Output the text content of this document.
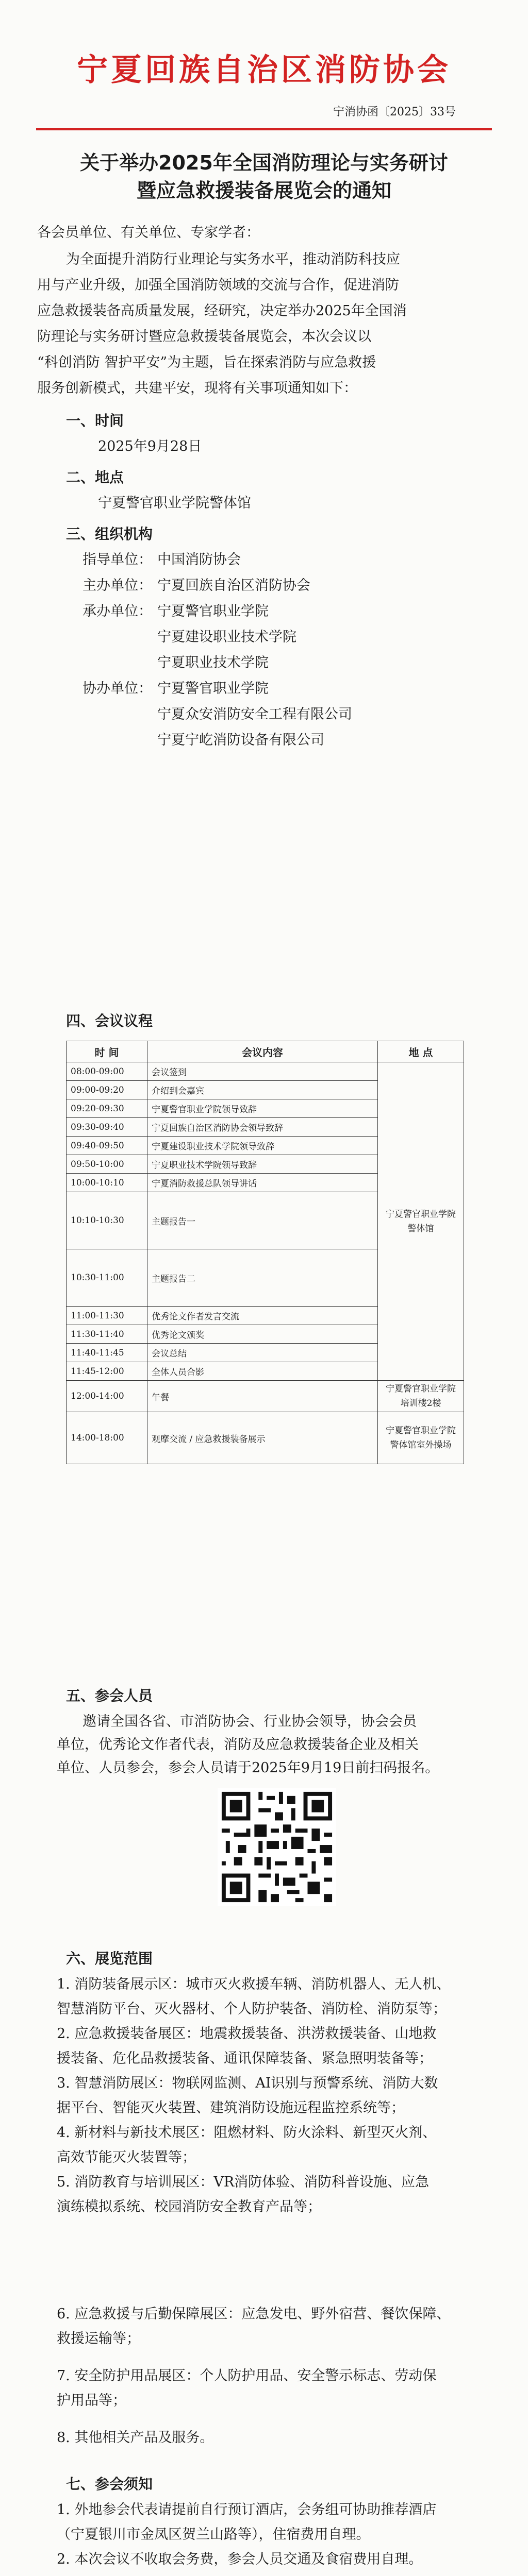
宁夏回族自治区消防协会
宁消协函〔2025〕33号
关于举办2025年全国消防理论与实务研讨
暨应急救援装备展览会的通知
各会员单位、有关单位、专家学者：
为全面提升消防行业理论与实务水平，推动消防科技应
用与产业升级，加强全国消防领域的交流与合作，促进消防
应急救援装备高质量发展，经研究，决定举办2025年全国消
防理论与实务研讨暨应急救援装备展览会，本次会议以
“科创消防 智护平安”为主题，旨在探索消防与应急救援
服务创新模式，共建平安，现将有关事项通知如下：
一、时间
2025年9月28日
二、地点
宁夏警官职业学院警体馆
三、组织机构
指导单位： 中国消防协会
主办单位： 宁夏回族自治区消防协会
承办单位： 宁夏警官职业学院
宁夏建设职业技术学院
宁夏职业技术学院
协办单位： 宁夏警官职业学院
宁夏众安消防安全工程有限公司
宁夏宁屹消防设备有限公司
四、会议议程
时 间	会议内容	地 点
08:00-09:00	会议签到	宁夏警官职业学院警体馆
09:00-09:20	介绍到会嘉宾	
09:20-09:30	宁夏警官职业学院领导致辞	
09:30-09:40	宁夏回族自治区消防协会领导致辞	
09:40-09:50	宁夏建设职业技术学院领导致辞	
09:50-10:00	宁夏职业技术学院领导致辞	
10:00-10:10	宁夏消防救援总队领导讲话	
10:10-10:30	主题报告一	
10:30-11:00	主题报告二	
11:00-11:30	优秀论文作者发言交流	
11:30-11:40	优秀论文颁奖	
11:40-11:45	会议总结	
11:45-12:00	全体人员合影	
12:00-14:00	午餐	宁夏警官职业学院培训楼2楼
14:00-18:00	观摩交流 / 应急救援装备展示	宁夏警官职业学院警体馆室外操场
五、参会人员
邀请全国各省、市消防协会、行业协会领导，协会会员
单位，优秀论文作者代表，消防及应急救援装备企业及相关
单位、人员参会，参会人员请于2025年9月19日前扫码报名。
六、展览范围
1. 消防装备展示区：城市灭火救援车辆、消防机器人、无人机、
智慧消防平台、灭火器材、个人防护装备、消防栓、消防泵等；
2. 应急救援装备展区：地震救援装备、洪涝救援装备、山地救
援装备、危化品救援装备、通讯保障装备、紧急照明装备等；
3. 智慧消防展区：物联网监测、AI识别与预警系统、消防大数
据平台、智能灭火装置、建筑消防设施远程监控系统等；
4. 新材料与新技术展区：阻燃材料、防火涂料、新型灭火剂、
高效节能灭火装置等；
5. 消防教育与培训展区：VR消防体验、消防科普设施、应急
演练模拟系统、校园消防安全教育产品等；
6. 应急救援与后勤保障展区：应急发电、野外宿营、餐饮保障、
救援运输等；
7. 安全防护用品展区：个人防护用品、安全警示标志、劳动保
护用品等；
8. 其他相关产品及服务。
七、参会须知
1. 外地参会代表请提前自行预订酒店，会务组可协助推荐酒店
（宁夏银川市金凤区贺兰山路等），住宿费用自理。
2. 本次会议不收取会务费，参会人员交通及食宿费用自理。
